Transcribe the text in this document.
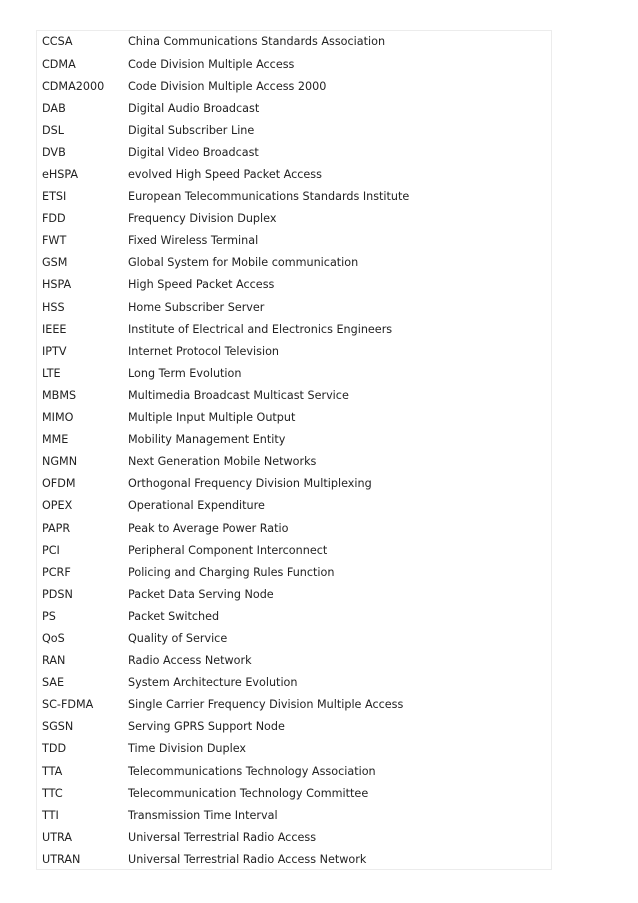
CCSA	China Communications Standards Association
CDMA	Code Division Multiple Access
CDMA2000	Code Division Multiple Access 2000
DAB	Digital Audio Broadcast
DSL	Digital Subscriber Line
DVB	Digital Video Broadcast
eHSPA	evolved High Speed Packet Access
ETSI	European Telecommunications Standards Institute
FDD	Frequency Division Duplex
FWT	Fixed Wireless Terminal
GSM	Global System for Mobile communication
HSPA	High Speed Packet Access
HSS	Home Subscriber Server
IEEE	Institute of Electrical and Electronics Engineers
IPTV	Internet Protocol Television
LTE	Long Term Evolution
MBMS	Multimedia Broadcast Multicast Service
MIMO	Multiple Input Multiple Output
MME	Mobility Management Entity
NGMN	Next Generation Mobile Networks
OFDM	Orthogonal Frequency Division Multiplexing
OPEX	Operational Expenditure
PAPR	Peak to Average Power Ratio
PCI	Peripheral Component Interconnect
PCRF	Policing and Charging Rules Function
PDSN	Packet Data Serving Node
PS	Packet Switched
QoS	Quality of Service
RAN	Radio Access Network
SAE	System Architecture Evolution
SC-FDMA	Single Carrier Frequency Division Multiple Access
SGSN	Serving GPRS Support Node
TDD	Time Division Duplex
TTA	Telecommunications Technology Association
TTC	Telecommunication Technology Committee
TTI	Transmission Time Interval
UTRA	Universal Terrestrial Radio Access
UTRAN	Universal Terrestrial Radio Access Network
